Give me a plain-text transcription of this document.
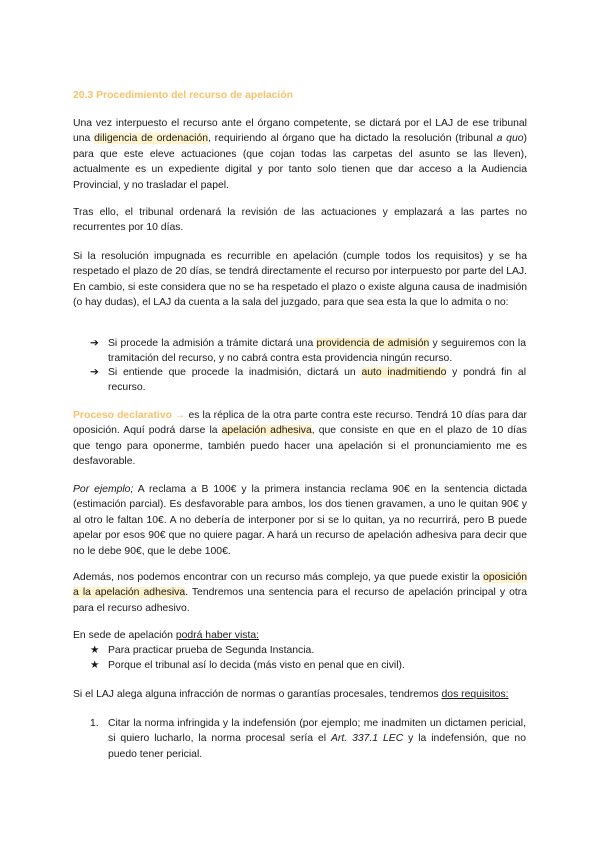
20.3 Procedimiento del recurso de apelación
Una vez interpuesto el recurso ante el órgano competente, se dictará por el LAJ de ese tribunal una diligencia de ordenación, requiriendo al órgano que ha dictado la resolución (tribunal a quo) para que este eleve actuaciones (que cojan todas las carpetas del asunto se las lleven), actualmente es un expediente digital y por tanto solo tienen que dar acceso a la Audiencia Provincial, y no trasladar el papel.
Tras ello, el tribunal ordenará la revisión de las actuaciones y emplazará a las partes no recurrentes por 10 días.
Si la resolución impugnada es recurrible en apelación (cumple todos los requisitos) y se ha respetado el plazo de 20 días, se tendrá directamente el recurso por interpuesto por parte del LAJ. En cambio, si este considera que no se ha respetado el plazo o existe alguna causa de inadmisión (o hay dudas), el LAJ da cuenta a la sala del juzgado, para que sea esta la que lo admita o no:
➔ Si procede la admisión a trámite dictará una providencia de admisión y seguiremos con la tramitación del recurso, y no cabrá contra esta providencia ningún recurso.
➔ Si entiende que procede la inadmisión, dictará un auto inadmitiendo y pondrá fin al recurso.
Proceso declarativo → es la réplica de la otra parte contra este recurso. Tendrá 10 días para dar oposición. Aquí podrá darse la apelación adhesiva, que consiste en que en el plazo de 10 días que tengo para oponerme, también puedo hacer una apelación si el pronunciamiento me es desfavorable.
Por ejemplo; A reclama a B 100€ y la primera instancia reclama 90€ en la sentencia dictada (estimación parcial). Es desfavorable para ambos, los dos tienen gravamen, a uno le quitan 90€ y al otro le faltan 10€. A no debería de interponer por si se lo quitan, ya no recurrirá, pero B puede apelar por esos 90€ que no quiere pagar. A hará un recurso de apelación adhesiva para decir que no le debe 90€, que le debe 100€.
Además, nos podemos encontrar con un recurso más complejo, ya que puede existir la oposición a la apelación adhesiva. Tendremos una sentencia para el recurso de apelación principal y otra para el recurso adhesivo.
En sede de apelación podrá haber vista:
★ Para practicar prueba de Segunda Instancia.
★ Porque el tribunal así lo decida (más visto en penal que en civil).
Si el LAJ alega alguna infracción de normas o garantías procesales, tendremos dos requisitos:
1. Citar la norma infringida y la indefensión (por ejemplo; me inadmiten un dictamen pericial, si quiero lucharlo, la norma procesal sería el Art. 337.1 LEC y la indefensión, que no puedo tener pericial.
